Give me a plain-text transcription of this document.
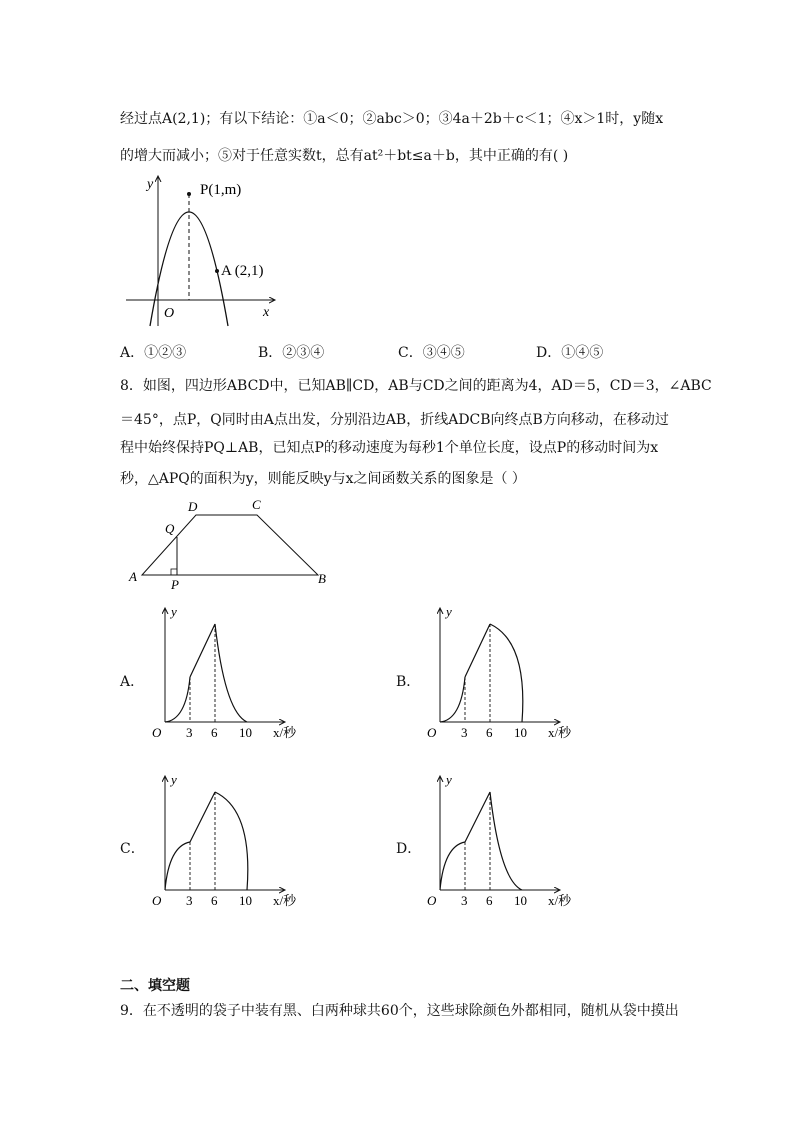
经过点A(2,1)；有以下结论：①a＜0；②abc＞0；③4a＋2b＋c＜1；④x＞1时，y随x
的增大而减小；⑤对于任意实数t，总有at²＋bt≤a＋b，其中正确的有( )
y
x
O
P(1,m)
A (2,1)
A．①②③	B．②③④	C．③④⑤	D．①④⑤
8．如图，四边形ABCD中，已知AB∥CD，AB与CD之间的距离为4，AD＝5，CD＝3，∠ABC
＝45°，点P，Q同时由A点出发，分别沿边AB，折线ADCB向终点B方向移动，在移动过
程中始终保持PQ⊥AB，已知点P的移动速度为每秒1个单位长度，设点P的移动时间为x
秒，△APQ的面积为y，则能反映y与x之间函数关系的图象是（ ）
A	B
C
D
P
Q
A．	B．
C．	D．
y
O 3 6 10 x/秒
y
O 3 6 10 x/秒
y
O 3 6 10 x/秒
y
O 3 6 10 x/秒
二、填空题
9．在不透明的袋子中装有黑、白两种球共60个，这些球除颜色外都相同，随机从袋中摸出
